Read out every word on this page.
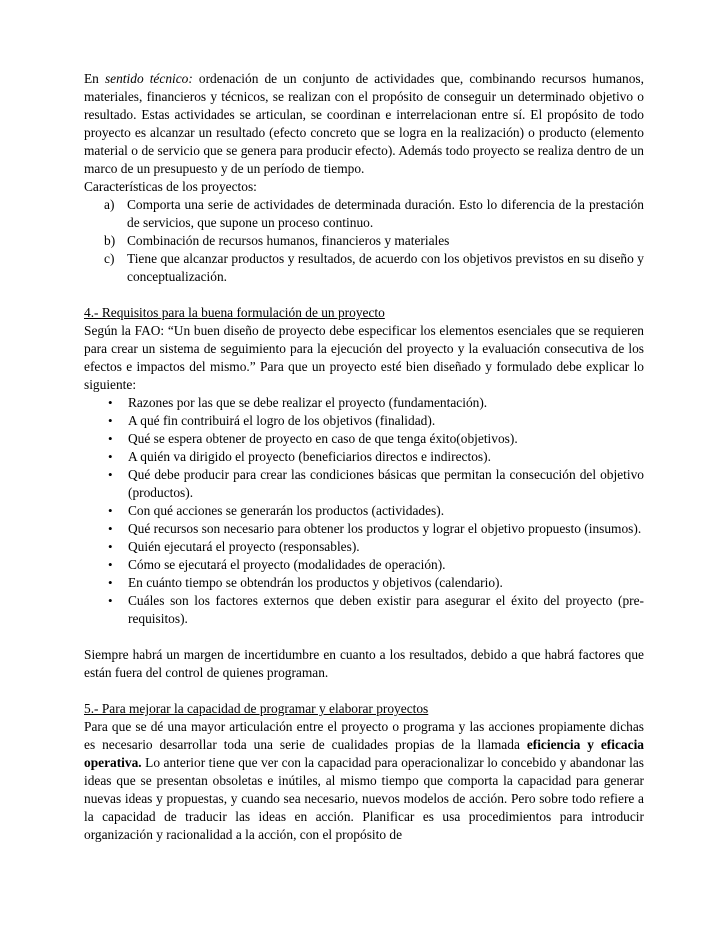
En sentido técnico: ordenación de un conjunto de actividades que, combinando recursos humanos, materiales, financieros y técnicos, se realizan con el propósito de conseguir un determinado objetivo o resultado. Estas actividades se articulan, se coordinan e interrelacionan entre sí. El propósito de todo proyecto es alcanzar un resultado (efecto concreto que se logra en la realización) o producto (elemento material o de servicio que se genera para producir efecto). Además todo proyecto se realiza dentro de un marco de un presupuesto y de un período de tiempo.

Características de los proyectos:

a) Comporta una serie de actividades de determinada duración. Esto lo diferencia de la prestación de servicios, que supone un proceso continuo.
b) Combinación de recursos humanos, financieros y materiales
c) Tiene que alcanzar productos y resultados, de acuerdo con los objetivos previstos en su diseño y conceptualización.

4.- Requisitos para la buena formulación de un proyecto

Según la FAO: “Un buen diseño de proyecto debe especificar los elementos esenciales que se requieren para crear un sistema de seguimiento para la ejecución del proyecto y la evaluación consecutiva de los efectos e impactos del mismo.” Para que un proyecto esté bien diseñado y formulado debe explicar lo siguiente:

• Razones por las que se debe realizar el proyecto (fundamentación).
• A qué fin contribuirá el logro de los objetivos (finalidad).
• Qué se espera obtener de proyecto en caso de que tenga éxito(objetivos).
• A quién va dirigido el proyecto (beneficiarios directos e indirectos).
• Qué debe producir para crear las condiciones básicas que permitan la consecución del objetivo (productos).
• Con qué acciones se generarán los productos (actividades).
• Qué recursos son necesario para obtener los productos y lograr el objetivo propuesto (insumos).
• Quién ejecutará el proyecto (responsables).
• Cómo se ejecutará el proyecto (modalidades de operación).
• En cuánto tiempo se obtendrán los productos y objetivos (calendario).
• Cuáles son los factores externos que deben existir para asegurar el éxito del proyecto (pre-requisitos).

Siempre habrá un margen de incertidumbre en cuanto a los resultados, debido a que habrá factores que están fuera del control de quienes programan.

5.- Para mejorar la capacidad de programar y elaborar proyectos

Para que se dé una mayor articulación entre el proyecto o programa y las acciones propiamente dichas es necesario desarrollar toda una serie de cualidades propias de la llamada eficiencia y eficacia operativa. Lo anterior tiene que ver con la capacidad para operacionalizar lo concebido y abandonar las ideas que se presentan obsoletas e inútiles, al mismo tiempo que comporta la capacidad para generar nuevas ideas y propuestas, y cuando sea necesario, nuevos modelos de acción. Pero sobre todo refiere a la capacidad de traducir las ideas en acción. Planificar es usa procedimientos para introducir organización y racionalidad a la acción, con el propósito de
